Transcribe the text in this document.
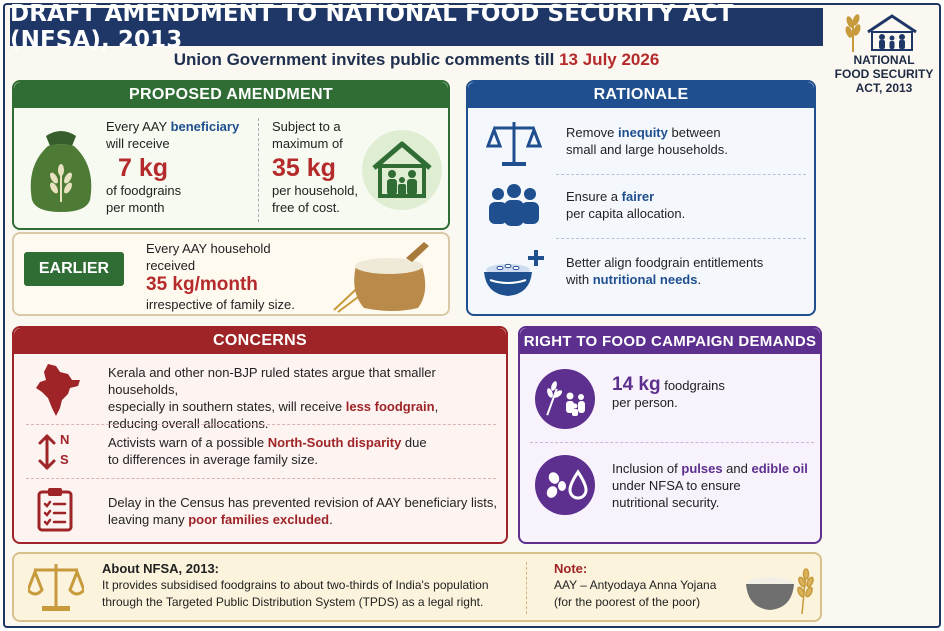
DRAFT AMENDMENT TO NATIONAL FOOD SECURITY ACT (NFSA), 2013
Union Government invites public comments till 13 July 2026	NATIONAL
FOOD SECURITY
ACT, 2013
PROPOSED AMENDMENT
Every AAY beneficiary
will receive
7 kg
of foodgrains
per month
Subject to a
maximum of
35 kg
per household,
free of cost.
EARLIER
Every AAY household
received
35 kg/month
irrespective of family size.
RATIONALE
Remove inequity between
small and large households.
Ensure a fairer
per capita allocation.
Better align foodgrain entitlements
with nutritional needs.
CONCERNS
Kerala and other non-BJP ruled states argue that smaller households,
especially in southern states, will receive less foodgrain,
reducing overall allocations.
N
S
Activists warn of a possible North-South disparity due
to differences in average family size.
Delay in the Census has prevented revision of AAY beneficiary lists,
leaving many poor families excluded.
RIGHT TO FOOD CAMPAIGN DEMANDS
14 kg foodgrains
per person.
Inclusion of pulses and edible oil
under NFSA to ensure
nutritional security.
About NFSA, 2013:
It provides subsidised foodgrains to about two-thirds of India's population
through the Targeted Public Distribution System (TPDS) as a legal right.
Note:
AAY – Antyodaya Anna Yojana
(for the poorest of the poor)
